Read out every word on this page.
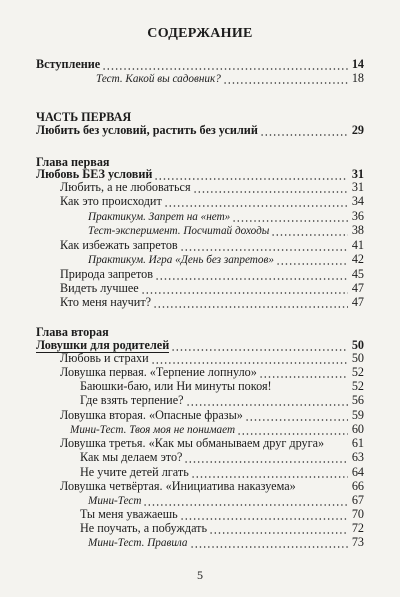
СОДЕРЖАНИЕ
Вступление	14
Тест. Какой вы садовник?	18
ЧАСТЬ ПЕРВАЯ
Любить без условий, растить без усилий	29
Глава первая
Любовь БЕЗ условий	31
Любить, а не любоваться	31
Как это происходит	34
Практикум. Запрет на «нет»	36
Тест-эксперимент. Посчитай доходы	38
Как избежать запретов	41
Практикум. Игра «День без запретов»	42
Природа запретов	45
Видеть лучшее	47
Кто меня научит?	47
Глава вторая
Ловушки для родителей	50
Любовь и страхи	50
Ловушка первая. «Терпение лопнуло»	52
Баюшки-баю, или Ни минуты покоя!	52
Где взять терпение?	56
Ловушка вторая. «Опасные фразы»	59
Мини-Тест. Твоя моя не понимает	60
Ловушка третья. «Как мы обманываем друг друга» 61
Как мы делаем это?	63
Не учите детей лгать	64
Ловушка четвёртая. «Инициатива наказуема»	66
Мини-Тест	67
Ты меня уважаешь	70
Не поучать, а побуждать	72
Мини-Тест. Правила	73
5
